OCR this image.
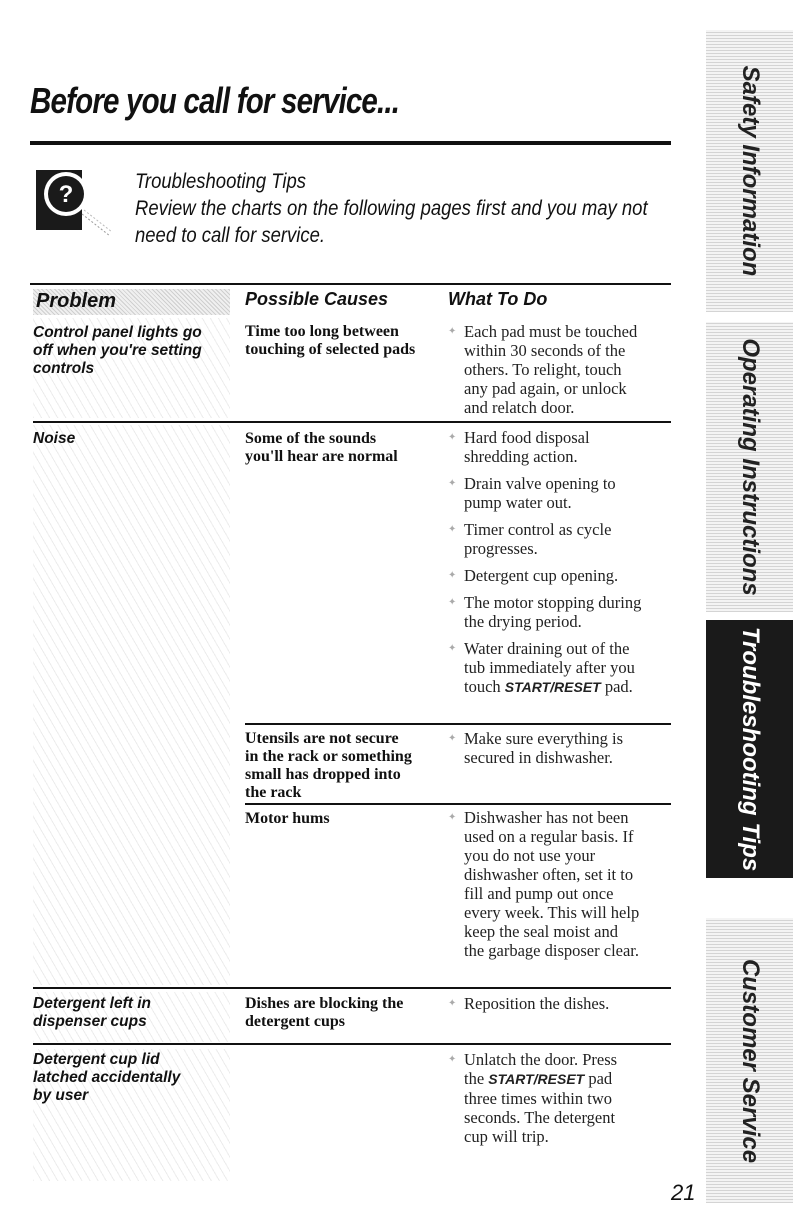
Before you call for service...
?	Troubleshooting Tips
Review the charts on the following pages first and you may not
need to call for service.
Problem	Possible Causes	What To Do
Control panel lights go
off when you're setting
controls
Time too long between
touching of selected pads
✦ Each pad must be touched
within 30 seconds of the
others. To relight, touch
any pad again, or unlock
and relatch door.
Noise	Some of the sounds
you'll hear are normal
✦ Hard food disposal
shredding action.
✦ Drain valve opening to
pump water out.
✦ Timer control as cycle
progresses.
✦ Detergent cup opening.
✦ The motor stopping during
the drying period.
✦ Water draining out of the
tub immediately after you
touch START/RESET pad.
Utensils are not secure
in the rack or something
small has dropped into
the rack
✦ Make sure everything is
secured in dishwasher.
Motor hums
✦	Dishwasher has not been
used on a regular basis. If
you do not use your
dishwasher often, set it to
fill and pump out once
every week. This will help
keep the seal moist and
the garbage disposer clear.
Detergent left in
dispenser cups
Dishes are blocking the
detergent cups
✦ Reposition the dishes.
Detergent cup lid
latched accidentally
by user
✦ Unlatch the door. Press
the START/RESET pad
three times within two
seconds. The detergent
cup will trip.
Safety Information
Operating Instructions
Troubleshooting Tips
Customer Service
21
